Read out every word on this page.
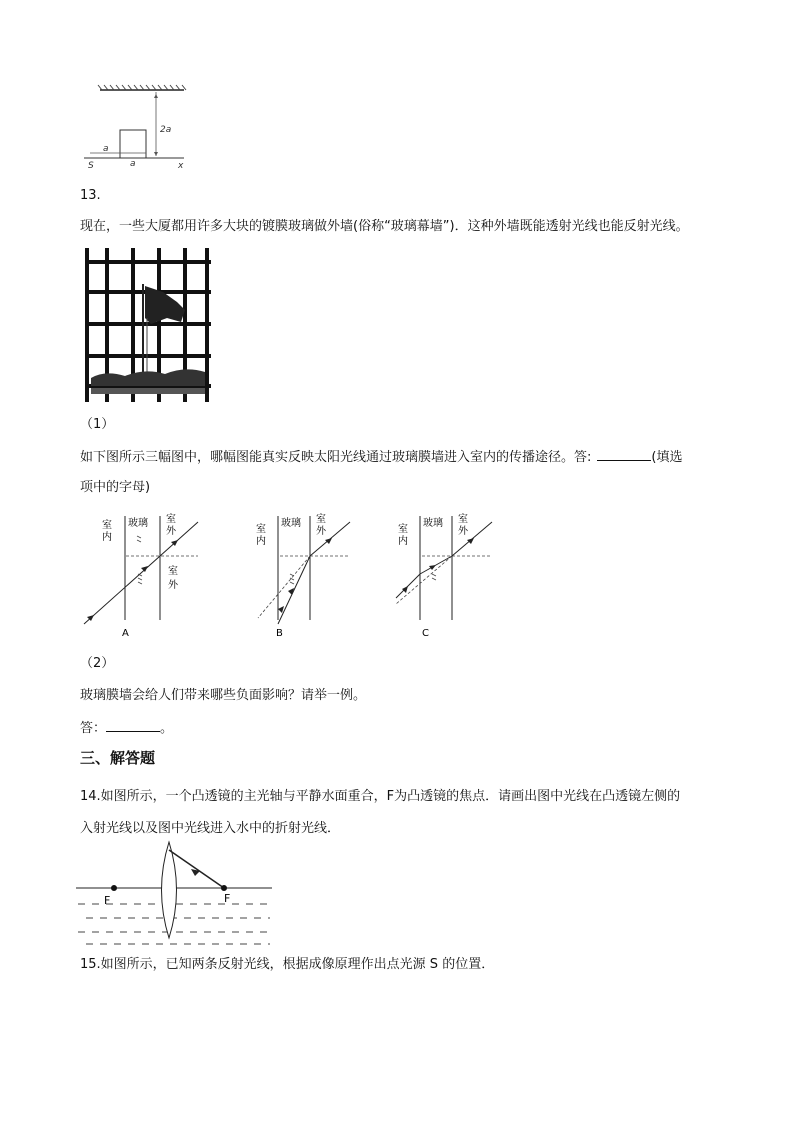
2a
a
a
S	x
13.
现在，一些大厦都用许多大块的镀膜玻璃做外墙(俗称“玻璃幕墙”)．这种外墙既能透射光线也能反射光线。
（1）
如下图所示三幅图中，哪幅图能真实反映太阳光线通过玻璃膜墙进入室内的传播途径。答:	(填选
项中的字母)
室
内
玻璃 室
外
室
外
A
室
内
玻璃 室
外
B
室
内
玻璃 室
外
C
（2）
玻璃膜墙会给人们带来哪些负面影响？请举一例。
答：	。
三、解答题
14.如图所示，一个凸透镜的主光轴与平静水面重合，F为凸透镜的焦点．请画出图中光线在凸透镜左侧的
入射光线以及图中光线进入水中的折射光线．
F	F
15.如图所示，已知两条反射光线，根据成像原理作出点光源 S 的位置．
